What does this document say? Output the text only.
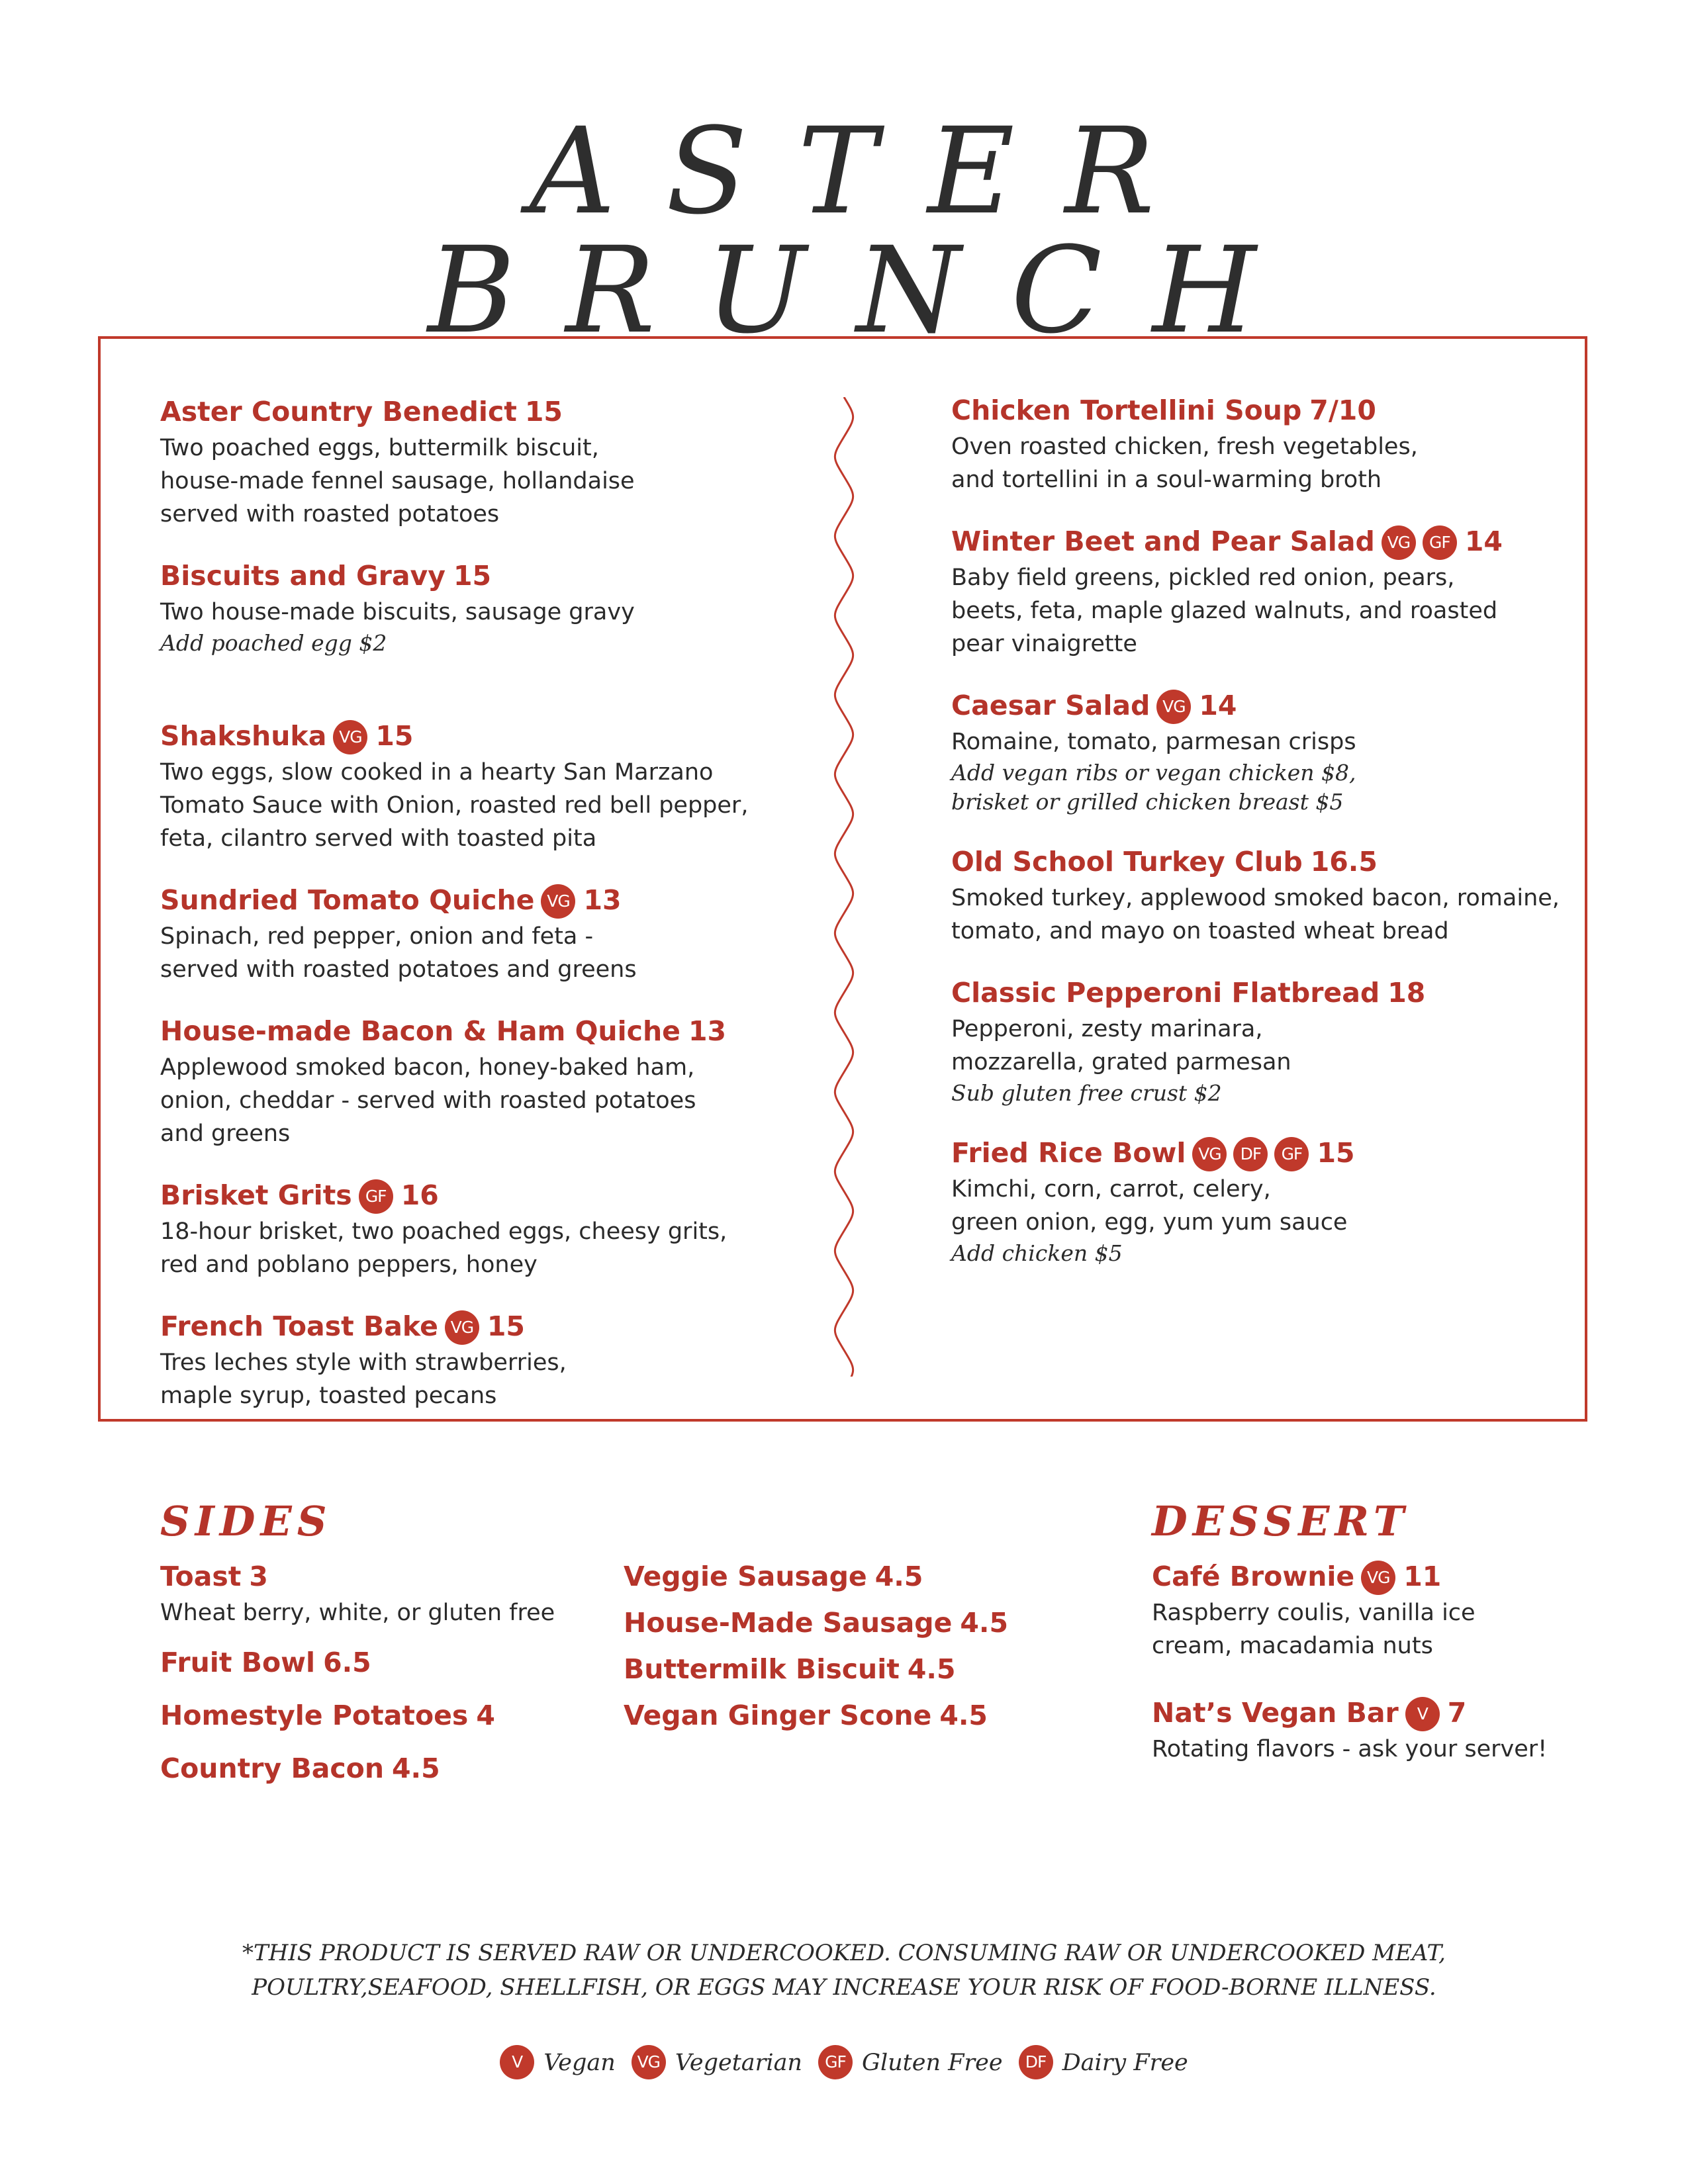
ASTER BRUNCH
Aster Country Benedict 15
Two poached eggs, buttermilk biscuit,
house-made fennel sausage, hollandaise
served with roasted potatoes
Biscuits and Gravy 15
Two house-made biscuits, sausage gravy
Add poached egg $2
Shakshuka VG 15
Two eggs, slow cooked in a hearty San Marzano
Tomato Sauce with Onion, roasted red bell pepper,
feta, cilantro served with toasted pita
Sundried Tomato Quiche VG 13
Spinach, red pepper, onion and feta -
served with roasted potatoes and greens
House-made Bacon & Ham Quiche 13
Applewood smoked bacon, honey-baked ham,
onion, cheddar - served with roasted potatoes
and greens
Brisket Grits GF 16
18-hour brisket, two poached eggs, cheesy grits,
red and poblano peppers, honey
French Toast Bake VG 15
Tres leches style with strawberries,
maple syrup, toasted pecans
Chicken Tortellini Soup 7/10
Oven roasted chicken, fresh vegetables,
and tortellini in a soul-warming broth
Winter Beet and Pear Salad VG GF 14
Baby field greens, pickled red onion, pears,
beets, feta, maple glazed walnuts, and roasted
pear vinaigrette
Caesar Salad VG 14
Romaine, tomato, parmesan crisps
Add vegan ribs or vegan chicken $8,
brisket or grilled chicken breast $5
Old School Turkey Club 16.5
Smoked turkey, applewood smoked bacon, romaine,
tomato, and mayo on toasted wheat bread
Classic Pepperoni Flatbread 18
Pepperoni, zesty marinara,
mozzarella, grated parmesan
Sub gluten free crust $2
Fried Rice Bowl VG DF GF 15
Kimchi, corn, carrot, celery,
green onion, egg, yum yum sauce
Add chicken $5
SIDES
Toast 3
Wheat berry, white, or gluten free
Fruit Bowl 6.5
Homestyle Potatoes 4
Country Bacon 4.5
Veggie Sausage 4.5
House-Made Sausage 4.5
Buttermilk Biscuit 4.5
Vegan Ginger Scone 4.5
DESSERT
Café Brownie VG 11
Raspberry coulis, vanilla ice
cream, macadamia nuts
Nat’s Vegan Bar V 7
Rotating flavors - ask your server!
*THIS PRODUCT IS SERVED RAW OR UNDERCOOKED. CONSUMING RAW OR UNDERCOOKED MEAT,
POULTRY,SEAFOOD, SHELLFISH, OR EGGS MAY INCREASE YOUR RISK OF FOOD-BORNE ILLNESS.
V Vegan VG Vegetarian GF Gluten Free DF Dairy Free
